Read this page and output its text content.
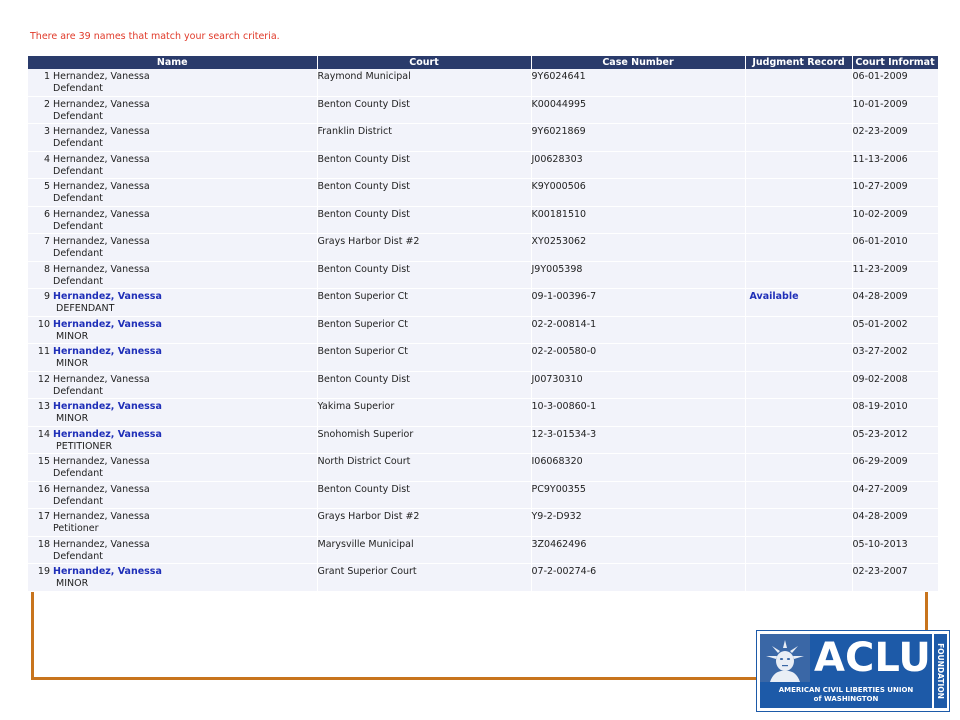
There are 39 names that match your search criteria.
Name	Court	Case Number	Judgment Record	Court Informat
1 Hernandez, Vanessa
Defendant	Raymond Municipal	9Y6024641		06-01-2009
2 Hernandez, Vanessa
Defendant	Benton County Dist	K00044995		10-01-2009
3 Hernandez, Vanessa
Defendant	Franklin District	9Y6021869		02-23-2009
4 Hernandez, Vanessa
Defendant	Benton County Dist	J00628303		11-13-2006
5 Hernandez, Vanessa
Defendant	Benton County Dist	K9Y000506		10-27-2009
6 Hernandez, Vanessa
Defendant	Benton County Dist	K00181510		10-02-2009
7 Hernandez, Vanessa
Defendant	Grays Harbor Dist #2	XY0253062		06-01-2010
8 Hernandez, Vanessa
Defendant	Benton County Dist	J9Y005398		11-23-2009
9 Hernandez, Vanessa
DEFENDANT	Benton Superior Ct	09-1-00396-7	Available	04-28-2009
10 Hernandez, Vanessa
MINOR	Benton Superior Ct	02-2-00814-1		05-01-2002
11 Hernandez, Vanessa
MINOR	Benton Superior Ct	02-2-00580-0		03-27-2002
12 Hernandez, Vanessa
Defendant	Benton County Dist	J00730310		09-02-2008
13 Hernandez, Vanessa
MINOR	Yakima Superior	10-3-00860-1		08-19-2010
14 Hernandez, Vanessa
PETITIONER	Snohomish Superior	12-3-01534-3		05-23-2012
15 Hernandez, Vanessa
Defendant	North District Court	I06068320		06-29-2009
16 Hernandez, Vanessa
Defendant	Benton County Dist	PC9Y00355		04-27-2009
17 Hernandez, Vanessa
Petitioner	Grays Harbor Dist #2	Y9-2-D932		04-28-2009
18 Hernandez, Vanessa
Defendant	Marysville Municipal	3Z0462496		05-10-2013
19 Hernandez, Vanessa
MINOR	Grant Superior Court	07-2-00274-6		02-23-2007
ACLU
AMERICAN CIVIL LIBERTIES UNION
of WASHINGTON
FOUNDATION
